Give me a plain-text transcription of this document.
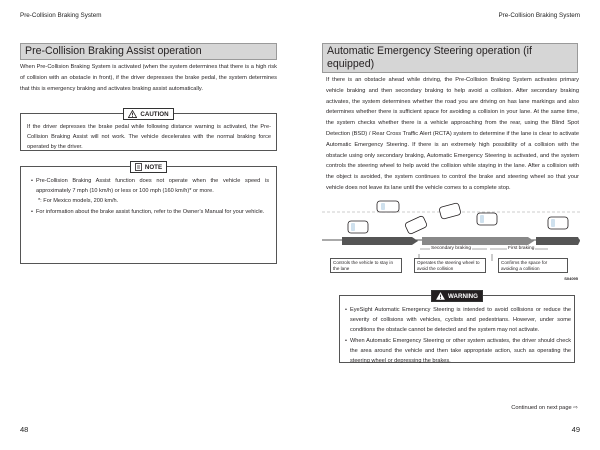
Pre-Collision Braking System
Pre-Collision Braking Assist operation
When Pre-Collision Braking System is activated (when the system determines that there is a high risk of collision with an obstacle in front), if the driver depresses the brake pedal, the system determines that this is emergency braking and activates braking assist automatically.
CAUTION
If the driver depresses the brake pedal while following distance warning is activated, the Pre-Collision Braking Assist will not work. The vehicle decelerates with the normal braking force operated by the driver.
NOTE
• Pre-Collision Braking Assist function does not operate when the vehicle speed is approximately 7 mph (10 km/h) or less or 100 mph (160 km/h)* or more.
*: For Mexico models, 200 km/h.
• For information about the brake assist function, refer to the Owner’s Manual for your vehicle.
48
Pre-Collision Braking System
49
Automatic Emergency Steering operation (if equipped)
If there is an obstacle ahead while driving, the Pre-Collision Braking System activates primary vehicle braking and then secondary braking to help avoid a collision. After secondary braking activates, the system determines whether the road you are driving on has lane markings and also determines whether there is sufficient space for avoiding a collision in your lane. At the same time, the system checks whether there is a vehicle approaching from the rear, using the Blind Spot Detection (BSD) / Rear Cross Traffic Alert (RCTA) system to determine if the lane is clear to activate Automatic Emergency Steering. If there is an extremely high possibility of a collision with the obstacle using only secondary braking, Automatic Emergency Steering is activated, and the system controls the steering wheel to help avoid the collision while staying in the lane. After a collision with the object is avoided, the system continues to control the brake and steering wheel so that your vehicle does not leave its lane until the vehicle comes to a complete stop.
Secondary braking	First braking
Controls the vehicle to stay in the lane
Operates the steering wheel to avoid the collision
Confirms the space for avoiding a collision
S04095
WARNING
• EyeSight Automatic Emergency Steering is intended to avoid collisions or reduce the severity of collisions with vehicles, cyclists and pedestrians. However, under some conditions the obstacle cannot be detected and the system may not activate.
• When Automatic Emergency Steering or other system activates, the driver should check the area around the vehicle and then take appropriate action, such as operating the steering wheel or depressing the brakes.
Continued on next page ⇨
